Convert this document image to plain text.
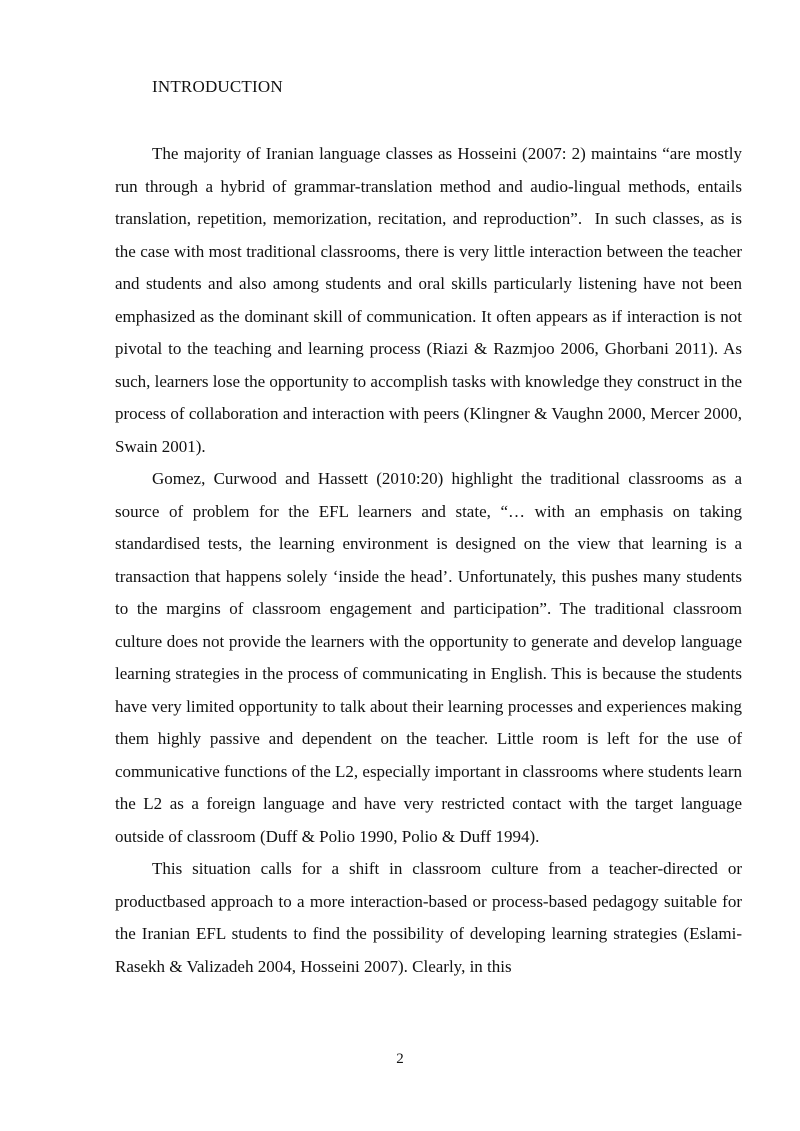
INTRODUCTION

The majority of Iranian language classes as Hosseini (2007: 2) maintains “are mostly run through a hybrid of grammar-translation method and audio-lingual methods, entails translation, repetition, memorization, recitation, and reproduction”.  In such classes, as is the case with most traditional classrooms, there is very little interaction between the teacher and students and also among students and oral skills particularly listening have not been emphasized as the dominant skill of communication. It often appears as if interaction is not pivotal to the teaching and learning process (Riazi & Razmjoo 2006, Ghorbani 2011). As such, learners lose the opportunity to accomplish tasks with knowledge they construct in the process of collaboration and interaction with peers (Klingner & Vaughn 2000, Mercer 2000, Swain 2001).

Gomez, Curwood and Hassett (2010:20) highlight the traditional classrooms as a source of problem for the EFL learners and state, “… with an emphasis on taking standardised tests, the learning environment is designed on the view that learning is a transaction that happens solely ‘inside the head’. Unfortunately, this pushes many students to the margins of classroom engagement and participation”. The traditional classroom culture does not provide the learners with the opportunity to generate and develop language learning strategies in the process of communicating in English. This is because the students have very limited opportunity to talk about their learning processes and experiences making them highly passive and dependent on the teacher. Little room is left for the use of communicative functions of the L2, especially important in classrooms where students learn the L2 as a foreign language and have very restricted contact with the target language outside of classroom (Duff & Polio 1990, Polio & Duff 1994).

This situation calls for a shift in classroom culture from a teacher-directed or productbased approach to a more interaction-based or process-based pedagogy suitable for the Iranian EFL students to find the possibility of developing learning strategies (Eslami-Rasekh & Valizadeh 2004, Hosseini 2007). Clearly, in this

2
